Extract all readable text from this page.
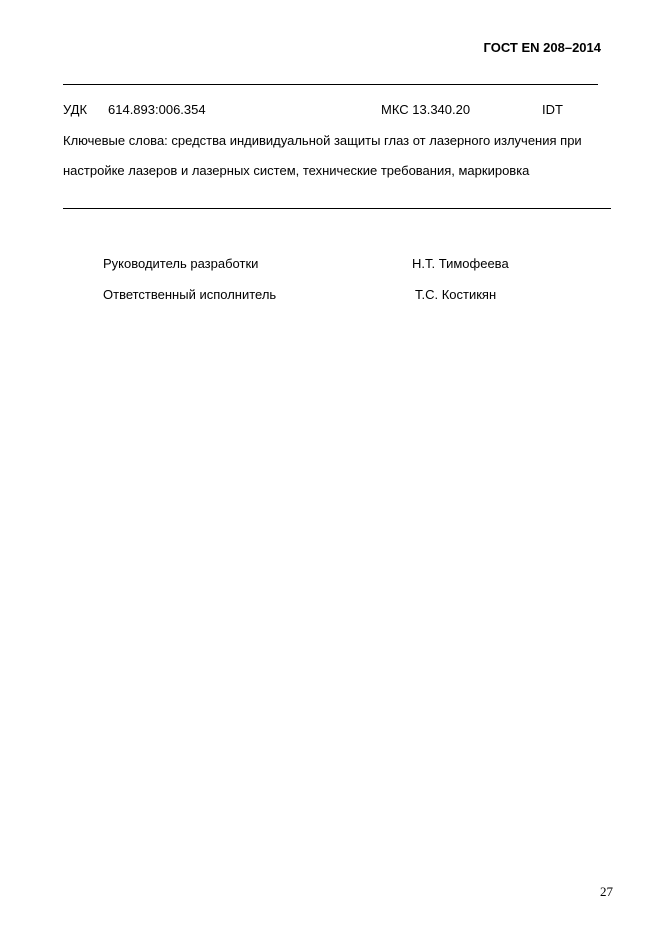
ГОСТ EN 208–2014
УДК 614.893:006.354	МКС 13.340.20	IDT
Ключевые слова: средства индивидуальной защиты глаз от лазерного излучения при
настройке лазеров и лазерных систем, технические требования, маркировка
Руководитель разработки	Н.Т. Тимофеева
Ответственный исполнитель	Т.С. Костикян
27
